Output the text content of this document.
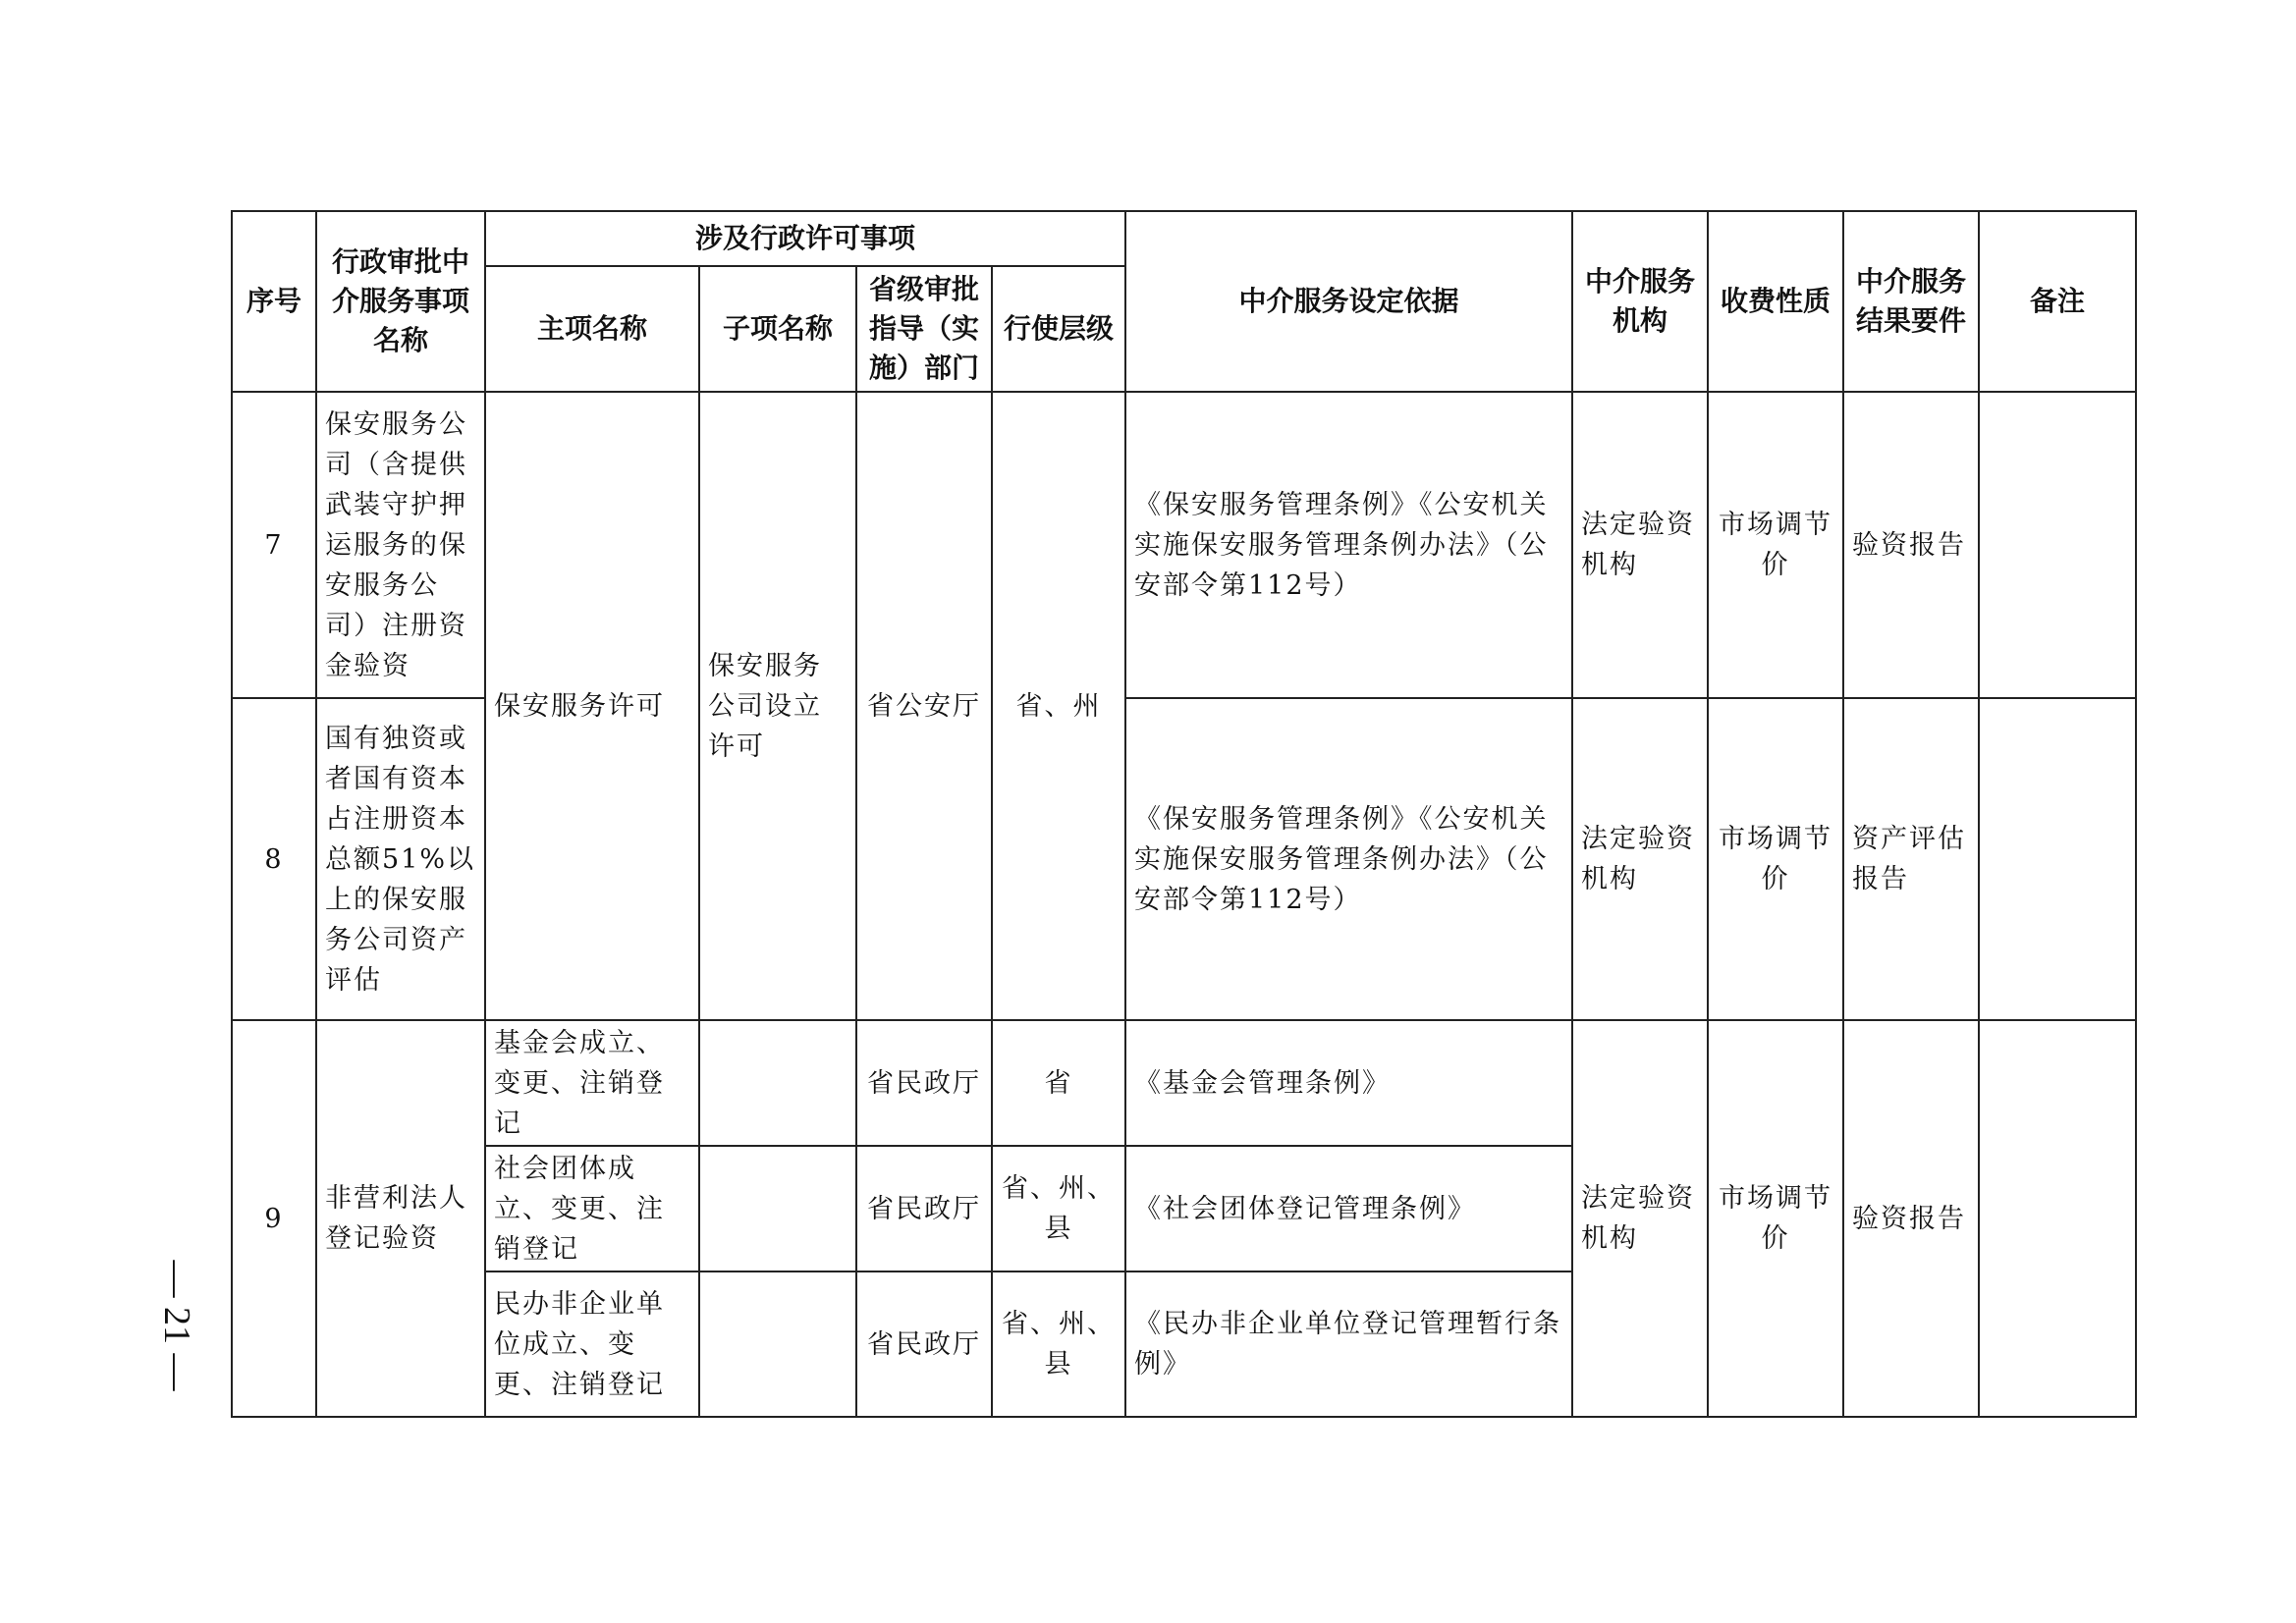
— 21 —
序号	行政审批中介服务事项名称	涉及行政许可事项				中介服务设定依据	中介服务机构	收费性质	中介服务结果要件	备注
		主项名称	子项名称	省级审批指导（实施）部门	行使层级					
7	保安服务公司（含提供武装守护押运服务的保安服务公司）注册资金验资	保安服务许可	保安服务公司设立许可	省公安厅	省、州	《保安服务管理条例》《公安机关实施保安服务管理条例办法》（公安部令第112号）	法定验资机构	市场调节价	验资报告	
8	国有独资或者国有资本占注册资本总额51%以上的保安服务公司资产评估					《保安服务管理条例》《公安机关实施保安服务管理条例办法》（公安部令第112号）	法定验资机构	市场调节价	资产评估报告	
9	非营利法人登记验资	基金会成立、变更、注销登记		省民政厅	省	《基金会管理条例》	法定验资机构	市场调节价	验资报告	
		社会团体成立、变更、注销登记		省民政厅	省、州、县	《社会团体登记管理条例》				
		民办非企业单位成立、变更、注销登记		省民政厅	省、州、县	《民办非企业单位登记管理暂行条例》				
